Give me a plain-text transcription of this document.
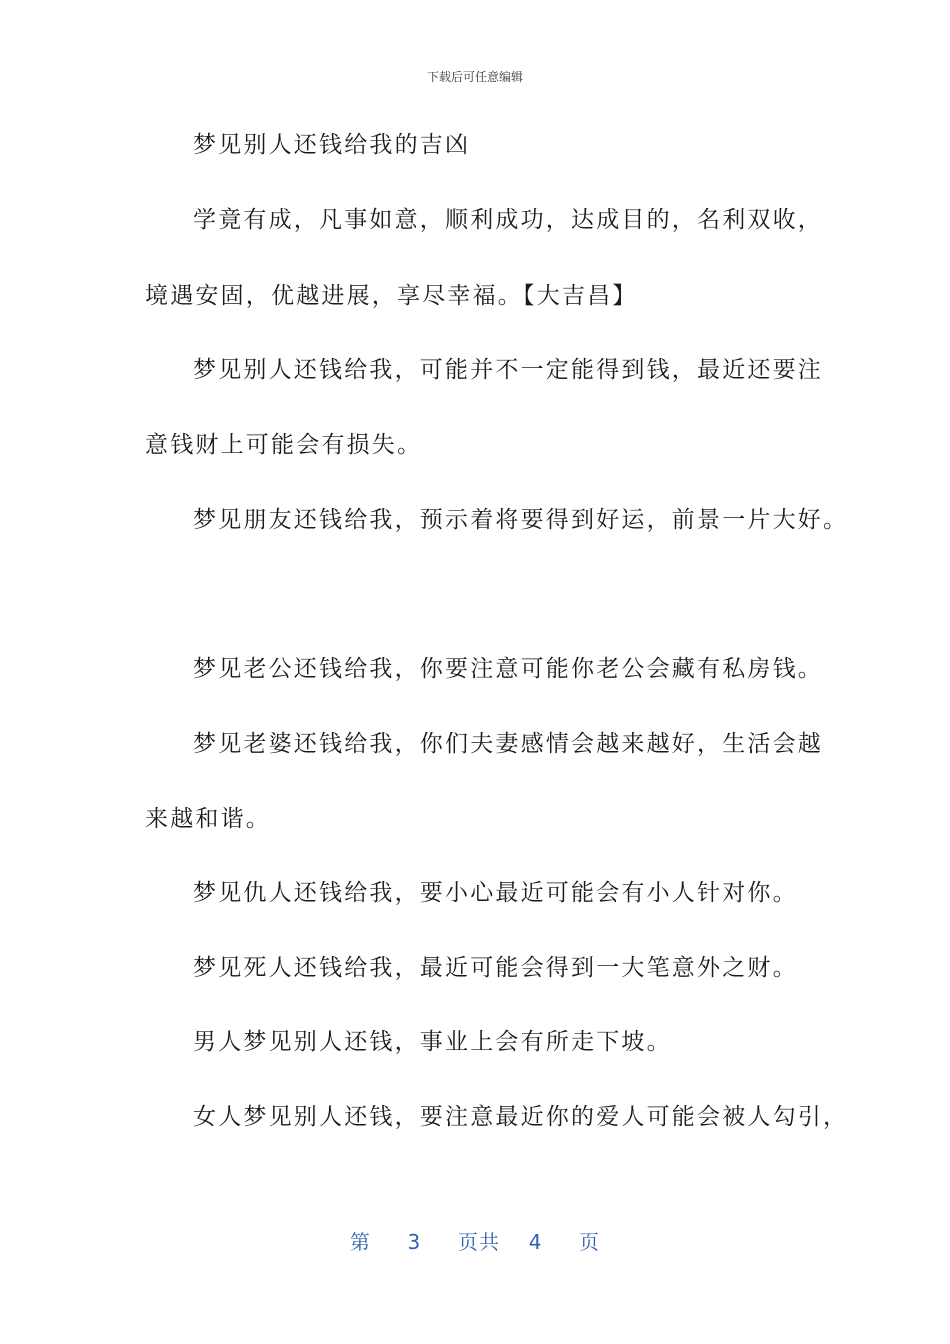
下载后可任意编辑
梦见别人还钱给我的吉凶
学竟有成，凡事如意，顺利成功，达成目的，名利双收，
境遇安固，优越进展，享尽幸福。【大吉昌】
梦见别人还钱给我，可能并不一定能得到钱，最近还要注
意钱财上可能会有损失。
梦见朋友还钱给我，预示着将要得到好运，前景一片大好。
梦见老公还钱给我，你要注意可能你老公会藏有私房钱。
梦见老婆还钱给我，你们夫妻感情会越来越好，生活会越
来越和谐。
梦见仇人还钱给我，要小心最近可能会有小人针对你。
梦见死人还钱给我，最近可能会得到一大笔意外之财。
男人梦见别人还钱，事业上会有所走下坡。
女人梦见别人还钱，要注意最近你的爱人可能会被人勾引，
第 3 页共 4 页
